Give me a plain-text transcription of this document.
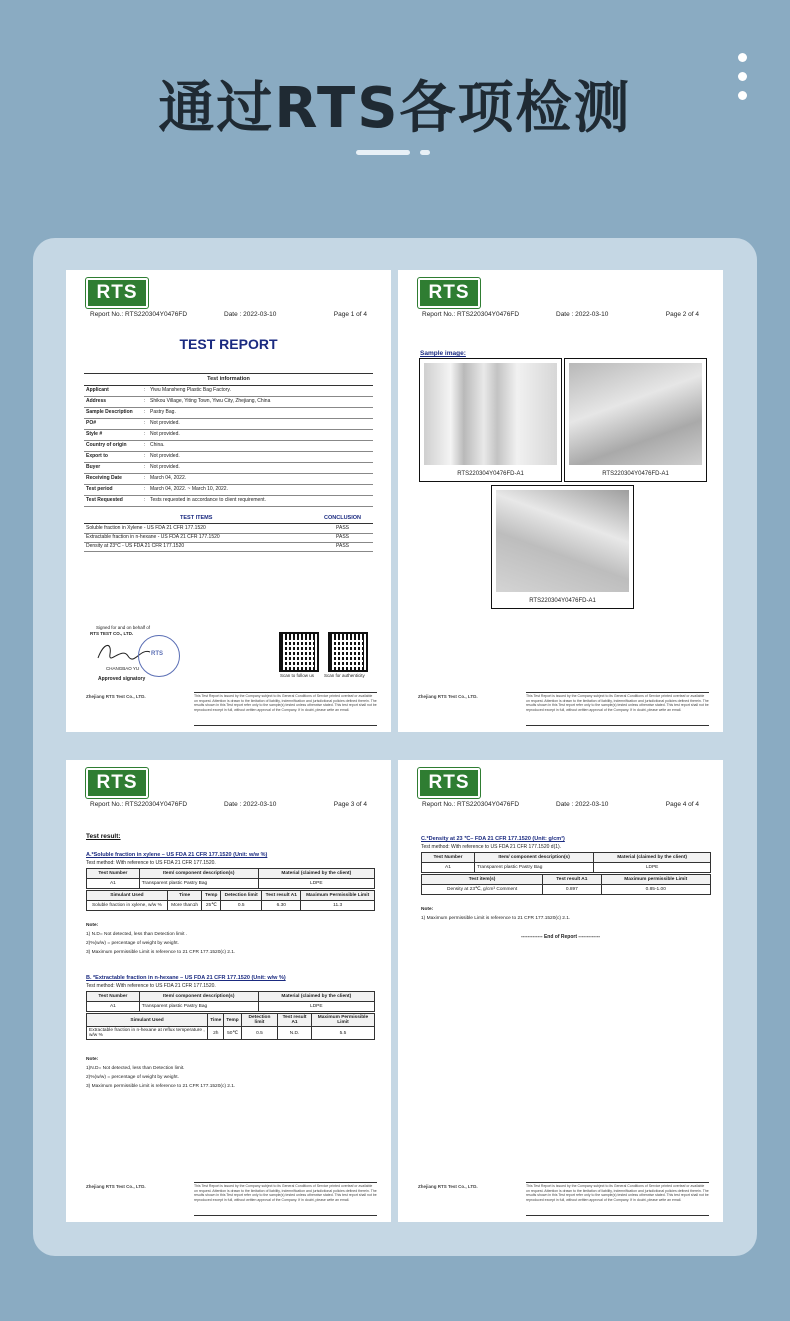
通过RTS各项检测
RTS
Report No.: RTS220304Y0476FD	Date : 2022-03-10	Page 1 of 4
TEST REPORT
Test information
Applicant	: Yiwu Mansheng Plastic Bag Factory.
Address	: Shikou Village, Yiting Town, Yiwu City, Zhejiang, China
Sample Description : Pastry Bag.
PO#	: Not provided.
Style #	: Not provided.
Country of origin	: China.
Export to	: Not provided.
Buyer	: Not provided.
Receiving Date	: March 04, 2022.
Test period	: March 04, 2022. ~ March 10, 2022.
Test Requested	: Tests requested in accordance to client requirement.
TEST ITEMS	CONCLUSION
Soluble fraction in Xylene - US FDA 21 CFR 177.1520	PASS
Extractable fraction in n-hexane - US FDA 21 CFR 177.1520	PASS
Density at 23°C - US FDA 21 CFR 177.1520	PASS
Signed for and on behalf of
RTS TEST CO., LTD.
RTS
CHANGBAO YU
Approved signatory
Scan to follow us Scan for authenticity
Zhejiang RTS Test Co., LTD.	This Test Report is issued by the Company subject to its General Conditions of Service printed overleaf or available on request. Attention is drawn to the limitation of liability, indemnification and jurisdictional policies defined therein. The results shown in this Test report refer only to the sample(s) tested unless otherwise stated. This test report shall not be reproduced except in full, without written approval of the Company. If in doubt, please write an email.
RTS
Report No.: RTS220304Y0476FD	Date : 2022-03-10	Page 2 of 4
Sample image:
RTS220304Y0476FD-A1	RTS220304Y0476FD-A1
RTS220304Y0476FD-A1
Zhejiang RTS Test Co., LTD.	This Test Report is issued by the Company subject to its General Conditions of Service printed overleaf or available on request. Attention is drawn to the limitation of liability, indemnification and jurisdictional policies defined therein. The results shown in this Test report refer only to the sample(s) tested unless otherwise stated. This test report shall not be reproduced except in full, without written approval of the Company. If in doubt, please write an email.
RTS
Report No.: RTS220304Y0476FD	Date : 2022-03-10	Page 3 of 4
Test result:
A.*Soluble fraction in xylene – US FDA 21 CFR 177.1520 (Unit: w/w %)
Test method: With reference to US FDA 21 CFR 177.1520.
Test Number	Item/ component description(s)	Material (claimed by the client)
A1	Transparent plastic Pastry Bag	LDPE
Simulant Used	Time	Temp	Detection limit	Test result A1	Maximum Permissible Limit
Soluble fraction in xylene, w/w %	More than1h	25℃	0.5	6.30	11.3
Note:
1) N.D= Not detected, less than Detection limit .
2)%(w/w) = percentage of weight by weight.
3) Maximum permissible Limit is reference to 21 CFR 177.1520(c) 2.1.
B. *Extractable fraction in n-hexane – US FDA 21 CFR 177.1520 (Unit: w/w %)
Test method: With reference to US FDA 21 CFR 177.1520.
Test Number	Item/ component description(s)	Material (claimed by the client)
A1	Transparent plastic Pastry Bag	LDPE
Simulant Used	Time	Temp	Detection limit	Test result A1	Maximum Permissible Limit
Extractable fraction in n-hexane at reflux temperature , w/w %	2h	50℃	0.5	N.D.	5.5
Note:
1)N.D= Not detected, less than Detection limit.
2)%(w/w) = percentage of weight by weight.
3) Maximum permissible Limit is reference to 21 CFR 177.1520(c) 2.1.
Zhejiang RTS Test Co., LTD.	This Test Report is issued by the Company subject to its General Conditions of Service printed overleaf or available on request. Attention is drawn to the limitation of liability, indemnification and jurisdictional policies defined therein. The results shown in this Test report refer only to the sample(s) tested unless otherwise stated. This test report shall not be reproduced except in full, without written approval of the Company. If in doubt, please write an email.
RTS
Report No.: RTS220304Y0476FD	Date : 2022-03-10	Page 4 of 4
C.*Density at 23 ℃– FDA 21 CFR 177.1520 (Unit: g/cm³)
Test method: With reference to US FDA 21 CFR 177.1520 d(1).
Test Number	Item/ component description(s)	Material (claimed by the client)
A1	Transparent plastic Pastry Bag	LDPE
Test item(s)	Test result A1	Maximum permissible Limit
Density at 23℃, g/cm³ Comment	0.897	0.85-1.00
Note:
1) Maximum permissible Limit is reference to 21 CFR 177.1520(c) 2.1.
------------- End of Report -------------
Zhejiang RTS Test Co., LTD.	This Test Report is issued by the Company subject to its General Conditions of Service printed overleaf or available on request. Attention is drawn to the limitation of liability, indemnification and jurisdictional policies defined therein. The results shown in this Test report refer only to the sample(s) tested unless otherwise stated. This test report shall not be reproduced except in full, without written approval of the Company. If in doubt, please write an email.
